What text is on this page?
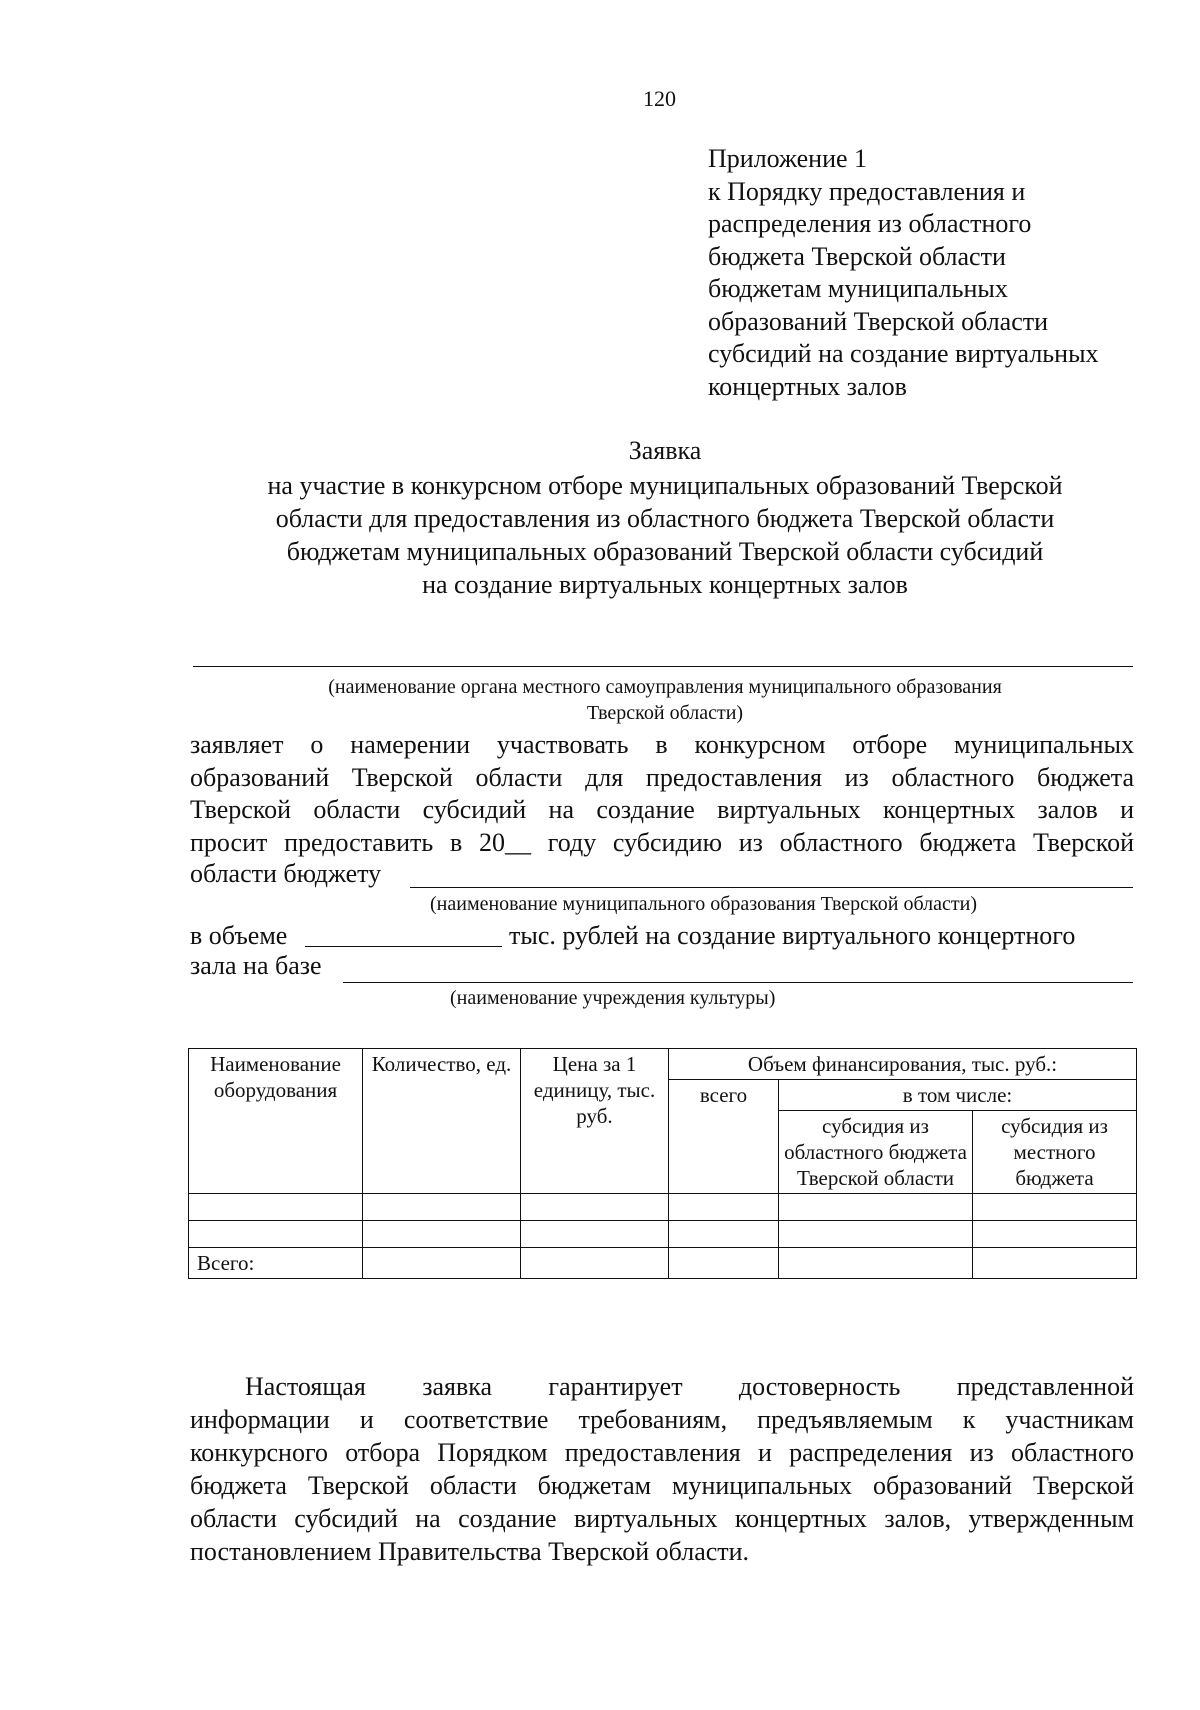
120
Приложение 1
к Порядку предоставления и
распределения из областного
бюджета Тверской области
бюджетам муниципальных
образований Тверской области
субсидий на создание виртуальных
концертных залов
Заявка
на участие в конкурсном отборе муниципальных образований Тверской
области для предоставления из областного бюджета Тверской области
бюджетам муниципальных образований Тверской области субсидий
на создание виртуальных концертных залов
(наименование органа местного самоуправления муниципального образования
Тверской области)
заявляет о намерении участвовать в конкурсном отборе муниципальных
образований Тверской области для предоставления из областного бюджета
Тверской области субсидий на создание виртуальных концертных залов и
просит предоставить в 20__ году субсидию из областного бюджета Тверской
области бюджету
(наименование муниципального образования Тверской области)
в объеме	тыс. рублей на создание виртуального концертного
зала на базе
(наименование учреждения культуры)
Наименование оборудования	Количество, ед.	Цена за 1 единицу, тыс. руб.	Объем финансирования, тыс. руб.:		
			всего	в том числе:	
				субсидия из областного бюджета Тверской области	субсидия из местного бюджета

Всего:					
Настоящая заявка гарантирует достоверность представленной
информации и соответствие требованиям, предъявляемым к участникам
конкурсного отбора Порядком предоставления и распределения из областного
бюджета Тверской области бюджетам муниципальных образований Тверской
области субсидий на создание виртуальных концертных залов, утвержденным
постановлением Правительства Тверской области.
